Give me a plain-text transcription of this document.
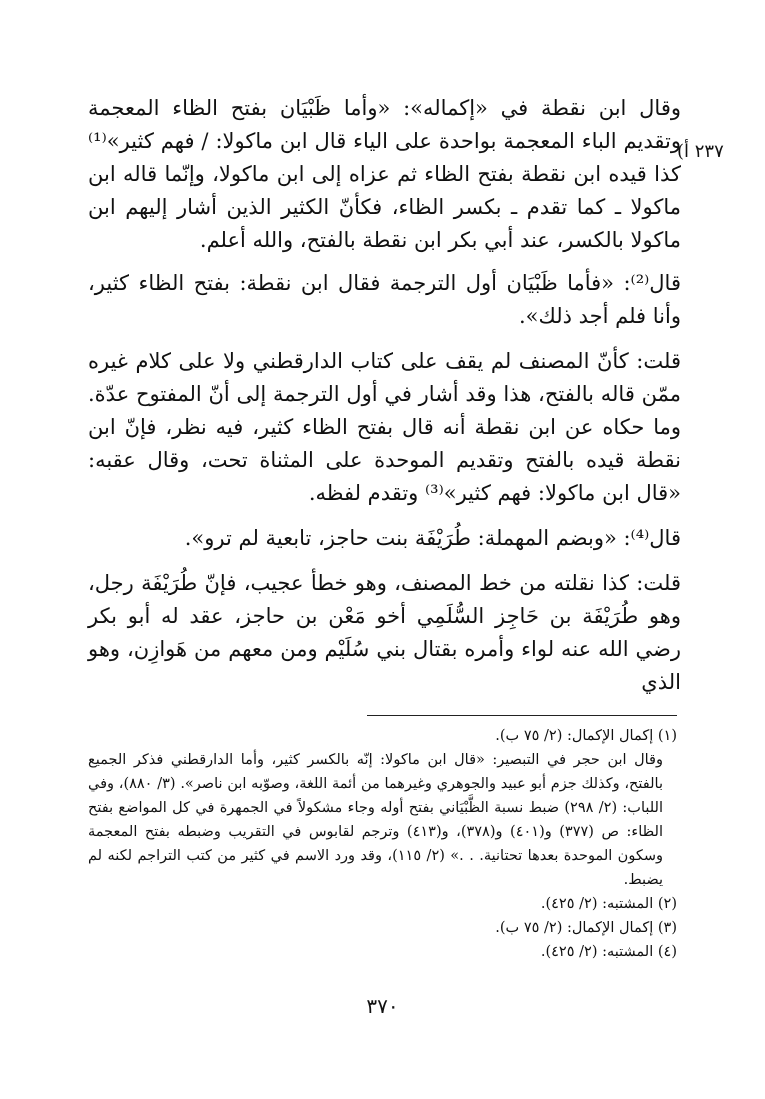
٢٣٧ أ)

وقال ابن نقطة في «إكماله»: «وأما ظَبْيَان بفتح الظاء المعجمة وتقديم الباء المعجمة بواحدة على الياء قال ابن ماكولا: / فهم كثير»⁽¹⁾ كذا قيده ابن نقطة بفتح الظاء ثم عزاه إلى ابن ماكولا، وإنّما قاله ابن ماكولا ـ كما تقدم ـ بكسر الظاء، فكأنّ الكثير الذين أشار إليهم ابن ماكولا بالكسر، عند أبي بكر ابن نقطة بالفتح، والله أعلم.

قال⁽²⁾: «فأما ظَبْيَان أول الترجمة فقال ابن نقطة: بفتح الظاء كثير، وأنا فلم أجد ذلك».

قلت: كأنّ المصنف لم يقف على كتاب الدارقطني ولا على كلام غيره ممّن قاله بالفتح، هذا وقد أشار في أول الترجمة إلى أنّ المفتوح عدّة. وما حكاه عن ابن نقطة أنه قال بفتح الظاء كثير، فيه نظر، فإنّ ابن نقطة قيده بالفتح وتقديم الموحدة على المثناة تحت، وقال عقبه: «قال ابن ماكولا: فهم كثير»⁽³⁾ وتقدم لفظه.

قال⁽⁴⁾: «وبضم المهملة: طُرَيْفَة بنت حاجز، تابعية لم ترو».

قلت: كذا نقلته من خط المصنف، وهو خطأ عجيب، فإنّ طُرَيْفَة رجل، وهو طُرَيْفَة بن حَاجِز السُّلَمِي أخو مَعْن بن حاجز، عقد له أبو بكر رضي الله عنه لواء وأمره بقتال بني سُلَيْم ومن معهم من هَوازِن، وهو الذي

(١) إكمال الإكمال: (٢/ ٧٥ ب).

وقال ابن حجر في التبصير: «قال ابن ماكولا: إنّه بالكسر كثير، وأما الدارقطني فذكر الجميع بالفتح، وكذلك جزم أبو عبيد والجوهري وغيرهما من أئمة اللغة، وصوّبه ابن ناصر». (٣/ ٨٨٠)، وفي اللباب: (٢/ ٢٩٨) ضبط نسبة الظَّبْيَاني بفتح أوله وجاء مشكولاً في الجمهرة في كل المواضع بفتح الظاء: ص (٣٧٧) و(٤٠١) و(٣٧٨)، و(٤١٣) وترجم لقابوس في التقريب وضبطه بفتح المعجمة وسكون الموحدة بعدها تحتانية. . .» (٢/ ١١٥)، وقد ورد الاسم في كثير من كتب التراجم لكنه لم يضبط.

(٢) المشتبه: (٢/ ٤٢٥).

(٣) إكمال الإكمال: (٢/ ٧٥ ب).

(٤) المشتبه: (٢/ ٤٢٥).

٣٧٠
